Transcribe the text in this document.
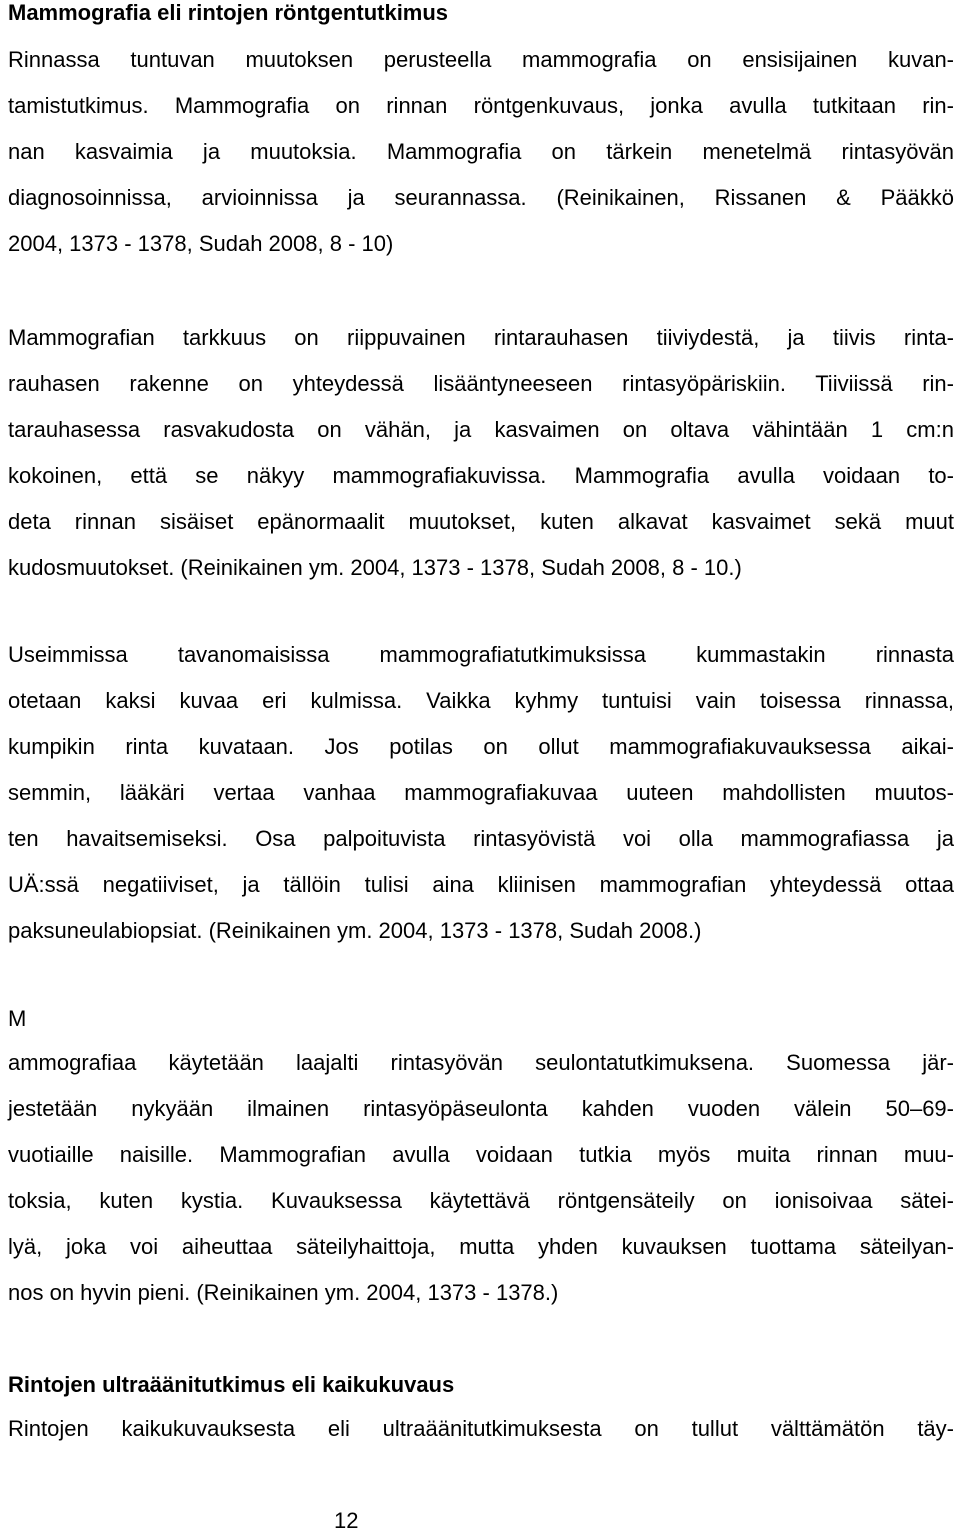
Mammografia eli rintojen röntgentutkimus
Rinnassa tuntuvan muutoksen perusteella mammografia on ensisijainen kuvan-
tamistutkimus. Mammografia on rinnan röntgenkuvaus, jonka avulla tutkitaan rin-
nan kasvaimia ja muutoksia. Mammografia on tärkein menetelmä rintasyövän
diagnosoinnissa, arvioinnissa ja seurannassa. (Reinikainen, Rissanen & Pääkkö
2004, 1373 - 1378, Sudah 2008, 8 - 10)
Mammografian tarkkuus on riippuvainen rintarauhasen tiiviydestä, ja tiivis rinta-
rauhasen rakenne on yhteydessä lisääntyneeseen rintasyöpäriskiin. Tiiviissä rin-
tarauhasessa rasvakudosta on vähän, ja kasvaimen on oltava vähintään 1 cm:n
kokoinen, että se näkyy mammografiakuvissa. Mammografia avulla voidaan to-
deta rinnan sisäiset epänormaalit muutokset, kuten alkavat kasvaimet sekä muut
kudosmuutokset. (Reinikainen ym. 2004, 1373 - 1378, Sudah 2008, 8 - 10.)
Useimmissa tavanomaisissa mammografiatutkimuksissa kummastakin rinnasta
otetaan kaksi kuvaa eri kulmissa. Vaikka kyhmy tuntuisi vain toisessa rinnassa,
kumpikin rinta kuvataan. Jos potilas on ollut mammografiakuvauksessa aikai-
semmin, lääkäri vertaa vanhaa mammografiakuvaa uuteen mahdollisten muutos-
ten havaitsemiseksi. Osa palpoituvista rintasyövistä voi olla mammografiassa ja
UÄ:ssä negatiiviset, ja tällöin tulisi aina kliinisen mammografian yhteydessä ottaa
paksuneulabiopsiat. (Reinikainen ym. 2004, 1373 - 1378, Sudah 2008.)
M
ammografiaa käytetään laajalti rintasyövän seulontatutkimuksena. Suomessa jär-
jestetään nykyään ilmainen rintasyöpäseulonta kahden vuoden välein 50–69-
vuotiaille naisille. Mammografian avulla voidaan tutkia myös muita rinnan muu-
toksia, kuten kystia. Kuvauksessa käytettävä röntgensäteily on ionisoivaa sätei-
lyä, joka voi aiheuttaa säteilyhaittoja, mutta yhden kuvauksen tuottama säteilyan-
nos on hyvin pieni. (Reinikainen ym. 2004, 1373 - 1378.)
Rintojen ultraäänitutkimus eli kaikukuvaus
Rintojen kaikukuvauksesta eli ultraäänitutkimuksesta on tullut välttämätön täy-
12
